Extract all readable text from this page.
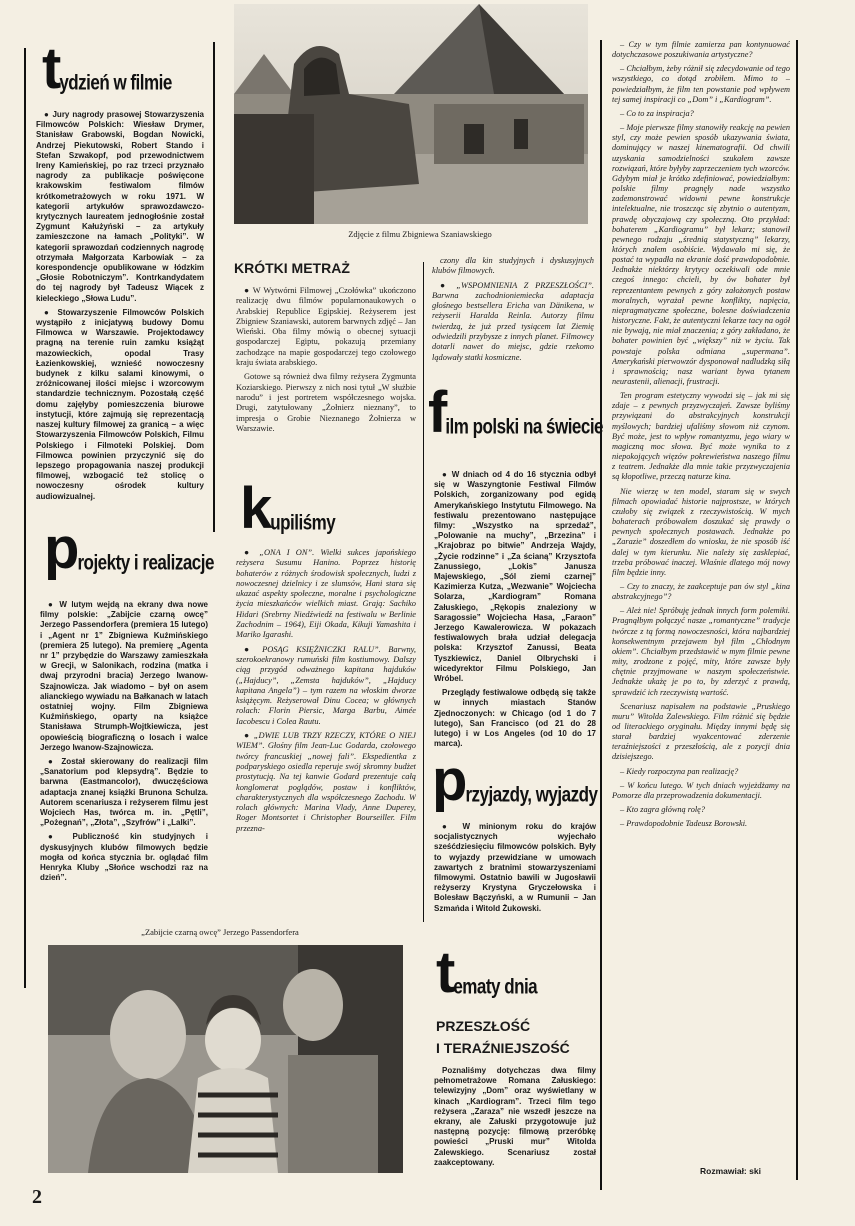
tydzień w filmie

● Jury nagrody prasowej Stowarzyszenia Filmowców Polskich: Wiesław Drymer, Stanisław Grabowski, Bogdan Nowicki, Andrzej Piekutowski, Robert Stando i Stefan Szwakopf, pod przewodnictwem Ireny Kamieńskiej, po raz trzeci przyznało nagrody za publikacje poświęcone krakowskim festiwalom filmów krótkometrażowych w roku 1971. W kategorii artykułów sprawozdawczo-krytycznych laureatem jednogłośnie został Zygmunt Kałużyński – za artykuły zamieszczone na łamach „Polityki”. W kategorii sprawozdań codziennych nagrodę otrzymała Małgorzata Karbowiak – za korespondencje opublikowane w łódzkim „Głosie Robotniczym”. Kontrkandydatem do tej nagrody był Tadeusz Wiącek z kieleckiego „Słowa Ludu”.

● Stowarzyszenie Filmowców Polskich wystąpiło z inicjatywą budowy Domu Filmowca w Warszawie. Projektodawcy pragną na terenie ruin zamku książąt mazowieckich, opodal Trasy Łazienkowskiej, wznieść nowoczesny budynek z kilku salami kinowymi, o zróżnicowanej ilości miejsc i wzorcowym standardzie technicznym. Pozostałą część domu zajęłyby pomieszczenia biurowe instytucji, które zajmują się reprezentacją naszej kultury filmowej za granicą – a więc Stowarzyszenia Filmowców Polskich, Filmu Polskiego i Filmoteki Polskiej. Dom Filmowca powinien przyczynić się do lepszego propagowania naszej produkcji filmowej, wzbogacić też stolicę o nowoczesny ośrodek kultury audiowizualnej.

projekty i realizacje

● W lutym wejdą na ekrany dwa nowe filmy polskie: „Zabijcie czarną owcę” Jerzego Passendorfera (premiera 15 lutego) i „Agent nr 1” Zbigniewa Kuźmińskiego (premiera 25 lutego). Na premierę „Agenta nr 1” przybędzie do Warszawy zamieszkała w Grecji, w Salonikach, rodzina (matka i dwaj przyrodni bracia) Jerzego Iwanow-Szajnowicza. Jak wiadomo – był on asem alianckiego wywiadu na Bałkanach w latach ostatniej wojny. Film Zbigniewa Kuźmińskiego, oparty na książce Stanisława Strumph-Wojtkiewicza, jest opowieścią biograficzną o losach i walce Jerzego Iwanow-Szajnowicza.

● Został skierowany do realizacji film „Sanatorium pod klepsydrą”. Będzie to barwna (Eastmancolor), dwuczęściowa adaptacja znanej książki Brunona Schulza. Autorem scenariusza i reżyserem filmu jest Wojciech Has, twórca m. in. „Pętli”, „Pożegnań”, „Złota”, „Szyfrów” i „Lalki”.

● Publiczność kin studyjnych i dyskusyjnych klubów filmowych będzie mogła od końca stycznia br. oglądać film Henryka Kluby „Słońce wschodzi raz na dzień”.

Zdjęcie z filmu Zbigniewa Szaniawskiego
KRÓTKI METRAŻ

● W Wytwórni Filmowej „Czołówka” ukończono realizację dwu filmów popularnonaukowych o Arabskiej Republice Egipskiej. Reżyserem jest Zbigniew Szaniawski, autorem barwnych zdjęć – Jan Wieński. Oba filmy mówią o obecnej sytuacji gospodarczej Egiptu, pokazują przemiany zachodzące na mapie gospodarczej tego czołowego kraju świata arabskiego.

Gotowe są również dwa filmy reżysera Zygmunta Koziarskiego. Pierwszy z nich nosi tytuł „W służbie narodu” i jest portretem współczesnego wojska. Drugi, zatytułowany „Żołnierz nieznany”, to impresja o Grobie Nieznanego Żołnierza w Warszawie.

kupiliśmy

● „ONA I ON”. Wielki sukces japońskiego reżysera Susumu Hanino. Poprzez historię bohaterów z różnych środowisk społecznych, ludzi z nowoczesnej dzielnicy i ze slumsów, Hani stara się ukazać aspekty społeczne, moralne i psychologiczne życia mieszkańców wielkich miast. Grają: Sachiko Hidari (Srebrny Niedźwiedź na festiwalu w Berlinie Zachodnim – 1964), Eiji Okada, Kikuji Yamashita i Mariko Igarashi.

● POSĄG KSIĘŻNICZKI RALU”. Barwny, szerokoekranowy rumuński film kostiumowy. Dalszy ciąg przygód odważnego kapitana hajduków („Hajducy”, „Zemsta hajduków”, „Hajducy kapitana Angela”) – tym razem na włoskim dworze książęcym. Reżyserował Dinu Cocea; w głównych rolach: Florin Piersic, Marga Barbu, Aimée Iacobescu i Colea Rautu.

● „DWIE LUB TRZY RZECZY, KTÓRE O NIEJ WIEM”. Głośny film Jean-Luc Godarda, czołowego twórcy francuskiej „nowej fali”. Ekspedientka z podparyskiego osiedla reperuje swój skromny budżet prostytucją. Na tej kanwie Godard prezentuje całą konglomerat poglądów, postaw i konfliktów, charakterystycznych dla współczesnego Zachodu. W rolach głównych: Marina Vlady, Anne Duperey, Roger Montsortet i Christopher Bourseiller. Film przezna-

czony dla kin studyjnych i dyskusyjnych klubów filmowych.

● „WSPOMNIENIA Z PRZESZŁOŚCI”. Barwna zachodnioniemiecka adaptacja głośnego bestsellera Ericha van Dänikena, w reżyserii Haralda Reinla. Autorzy filmu twierdzą, że już przed tysiącem lat Ziemię odwiedzili przybysze z innych planet. Filmowcy dotarli nawet do miejsc, gdzie rzekomo lądowały statki kosmiczne.

film polski na świecie

● W dniach od 4 do 16 stycznia odbył się w Waszyngtonie Festiwal Filmów Polskich, zorganizowany pod egidą Amerykańskiego Instytutu Filmowego. Na festiwalu prezentowano następujące filmy: „Wszystko na sprzedaż”, „Polowanie na muchy”, „Brzezina” i „Krajobraz po bitwie” Andrzeja Wajdy, „Życie rodzinne” i „Za ścianą” Krzysztofa Zanussiego, „Lokis” Janusza Majewskiego, „Sól ziemi czarnej” Kazimierza Kutza, „Wezwanie” Wojciecha Solarza, „Kardiogram” Romana Załuskiego, „Rękopis znaleziony w Saragossie” Wojciecha Hasa, „Faraon” Jerzego Kawalerowicza. W pokazach festiwalowych brała udział delegacja polska: Krzysztof Zanussi, Beata Tyszkiewicz, Daniel Olbrychski i wicedyrektor Filmu Polskiego, Jan Wróbel.

Przeglądy festiwalowe odbędą się także w innych miastach Stanów Zjednoczonych: w Chicago (od 1 do 7 lutego), San Francisco (od 21 do 28 lutego) i w Los Angeles (od 10 do 17 marca).

przyjazdy, wyjazdy

● W minionym roku do krajów socjalistycznych wyjechało sześćdziesięciu filmowców polskich. Były to wyjazdy przewidziane w umowach zawartych z bratnimi stowarzyszeniami filmowymi. Ostatnio bawili w Jugosławii reżyserzy Krystyna Gryczełowska i Bolesław Bączyński, a w Rumunii – Jan Szmańda i Witold Żukowski.

tematy dnia
PRZESZŁOŚĆ
I TERAŹNIEJSZOŚĆ

Poznaliśmy dotychczas dwa filmy pełnometrażowe Romana Załuskiego: telewizyjny „Dom” oraz wyświetlany w kinach „Kardiogram”. Trzeci film tego reżysera „Zaraza” nie wszedł jeszcze na ekrany, ale Załuski przygotowuje już następną pozycję: filmową przeróbkę powieści „Pruski mur” Witolda Zalewskiego. Scenariusz został zaakceptowany.

– Czy w tym filmie zamierza pan kontynuować dotychczasowe poszukiwania artystyczne?

– Chciałbym, żeby różnił się zdecydowanie od tego wszystkiego, co dotąd zrobiłem. Mimo to – powiedziałbym, że film ten powstanie pod wpływem tej samej inspiracji co „Dom” i „Kardiogram”.

– Co to za inspiracja?

– Moje pierwsze filmy stanowiły reakcję na pewien styl, czy może pewien sposób ukazywania świata, dominujący w naszej kinematografii. Od chwili uzyskania samodzielności szukałem zawsze rozwiązań, które byłyby zaprzeczeniem tych wzorców. Gdybym miał je krótko zdefiniować, powiedziałbym: polskie filmy pragnęły nade wszystko zademonstrować widowni pewne konstrukcje intelektualne, nie troszcząc się zbytnio o autentyzm, prawdę obyczajową czy społeczną. Oto przykład: bohaterem „Kardiogramu” był lekarz; stanowił pewnego rodzaju „średnią statystyczną” lekarzy, których znałem osobiście. Wydawało mi się, że postać ta wypadła na ekranie dość prawdopodobnie. Jednakże niektórzy krytycy oczekiwali ode mnie czegoś innego: chcieli, by ów bohater był reprezentantem pewnych z góry założonych postaw moralnych, wyrażał pewne konflikty, napięcia, niepragmatyczne społeczne, bolesne doświadczenia historyczne. Fakt, że autentyczni lekarze tacy na ogół nie bywają, nie miał znaczenia; z góry zakładano, że bohater powinien być „większy” niż w życiu. Tak powstaje polska odmiana „supermana”. Amerykański pierwowzór dysponował nadludzką siłą i sprawnością; nasz wariant bywa tytanem neurastenii, alienacji, frustracji.

Ten program estetyczny wywodzi się – jak mi się zdaje – z pewnych przyzwyczajeń. Zawsze byliśmy przywiązani do abstrakcyjnych konstrukcji myślowych; bardziej ufaliśmy słowom niż czynom. Być może, jest to wpływ romantyzmu, jego wiary w magiczną moc słowa. Być może wynika to z niepokojących więzów pokrewieństwa naszego filmu z teatrem. Jednakże dla mnie takie przyzwyczajenia są kłopotliwe, przeczą naturze kina.

Nie wierzę w ten model, staram się w swych filmach opowiadać historie najprostsze, w których czułoby się związek z rzeczywistością. W mych bohaterach próbowałem doszukać się prawdy o pewnych społecznych postawach. Jednakże po „Zarazie” doszedłem do wniosku, że nie sposób iść dalej w tym kierunku. Nie należy się zasklepiać, trzeba próbować inaczej. Właśnie dlatego mój nowy film będzie inny.

– Czy to znaczy, że zaakceptuje pan ów styl „kina abstrakcyjnego”?

– Ależ nie! Spróbuję jednak innych form polemiki. Pragnąłbym połączyć nasze „romantyczne” tradycje twórcze z tą formą nowoczesności, która najbardziej konsekwentnym przejawem był film „Chłodnym okiem”. Chciałbym przedstawić w mym filmie pewne mity, zrodzone z pojęć, mity, które zawsze były chętnie przyjmowane w naszym społeczeństwie. Jednakże ukażę je po to, by zderzyć z prawdą, sprawdzić ich rzeczywistą wartość.

Scenariusz napisałem na podstawie „Pruskiego muru” Witolda Zalewskiego. Film różnić się będzie od literackiego oryginału. Między innymi będę się starał bardziej wyakcentować zderzenie teraźniejszości z przeszłością, ale z pozycji dnia dzisiejszego.

– Kiedy rozpoczyna pan realizację?

– W końcu lutego. W tych dniach wyjeżdżamy na Pomorze dla przeprowadzenia dokumentacji.

– Kto zagra główną rolę?

– Prawdopodobnie Tadeusz Borowski.

Rozmawiał: ski
„Zabijcie czarną owcę” Jerzego Passendorfera
2
